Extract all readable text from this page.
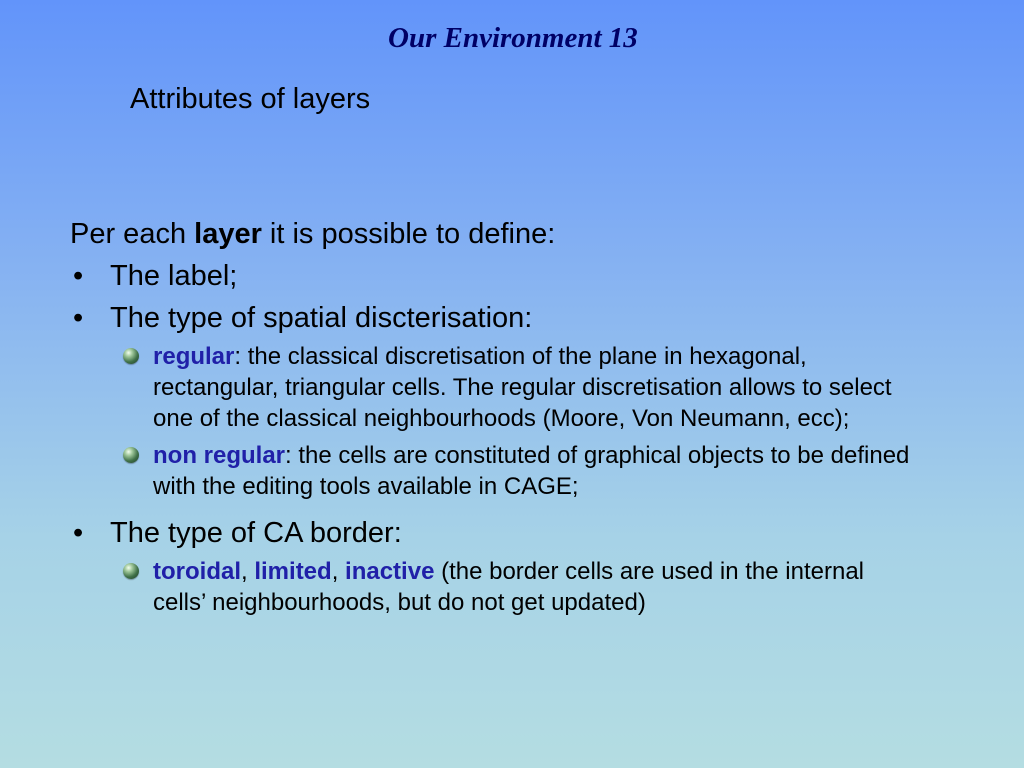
Our Environment 13
Attributes of layers

Per each layer it is possible to define:

• The label;
• The type of spatial discterisation:
regular: the classical discretisation of the plane in hexagonal, rectangular, triangular cells. The regular discretisation allows to select one of the classical neighbourhoods (Moore, Von Neumann, ecc);
non regular: the cells are constituted of graphical objects to be defined with the editing tools available in CAGE;
• The type of CA border:
toroidal, limited, inactive (the border cells are used in the internal cells’ neighbourhoods, but do not get updated)
